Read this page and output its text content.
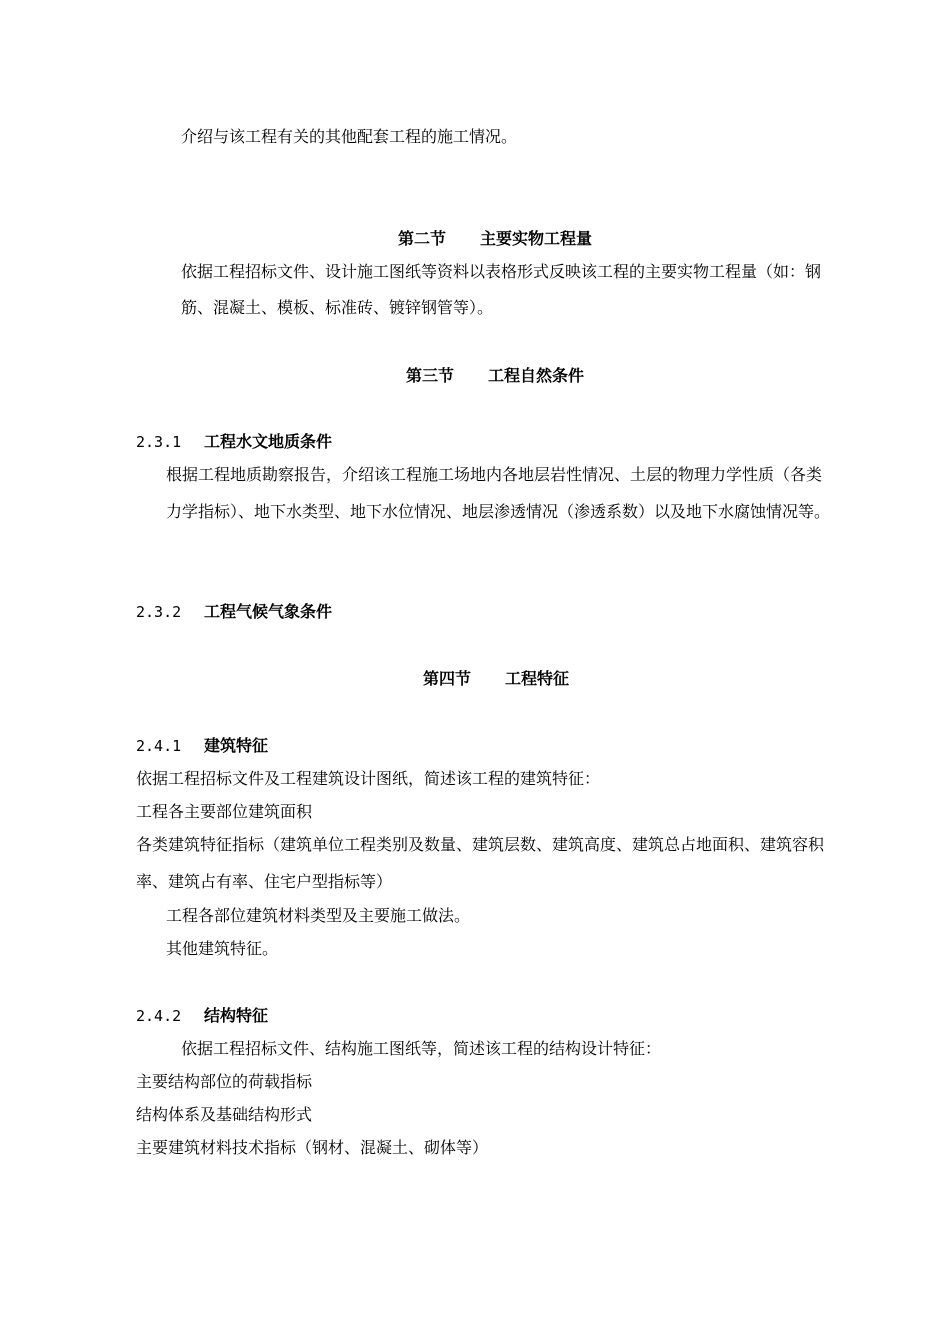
介绍与该工程有关的其他配套工程的施工情况。
第二节 主要实物工程量
依据工程招标文件、设计施工图纸等资料以表格形式反映该工程的主要实物工程量（如：钢
筋、混凝土、模板、标准砖、镀锌钢管等）。
第三节 工程自然条件
2.3.1 工程水文地质条件
根据工程地质勘察报告，介绍该工程施工场地内各地层岩性情况、土层的物理力学性质（各类
力学指标）、地下水类型、地下水位情况、地层渗透情况（渗透系数）以及地下水腐蚀情况等。
2.3.2 工程气候气象条件
第四节 工程特征
2.4.1 建筑特征
依据工程招标文件及工程建筑设计图纸，简述该工程的建筑特征：
工程各主要部位建筑面积
各类建筑特征指标（建筑单位工程类别及数量、建筑层数、建筑高度、建筑总占地面积、建筑容积
率、建筑占有率、住宅户型指标等）
工程各部位建筑材料类型及主要施工做法。
其他建筑特征。
2.4.2 结构特征
依据工程招标文件、结构施工图纸等，简述该工程的结构设计特征：
主要结构部位的荷载指标
结构体系及基础结构形式
主要建筑材料技术指标（钢材、混凝土、砌体等）
